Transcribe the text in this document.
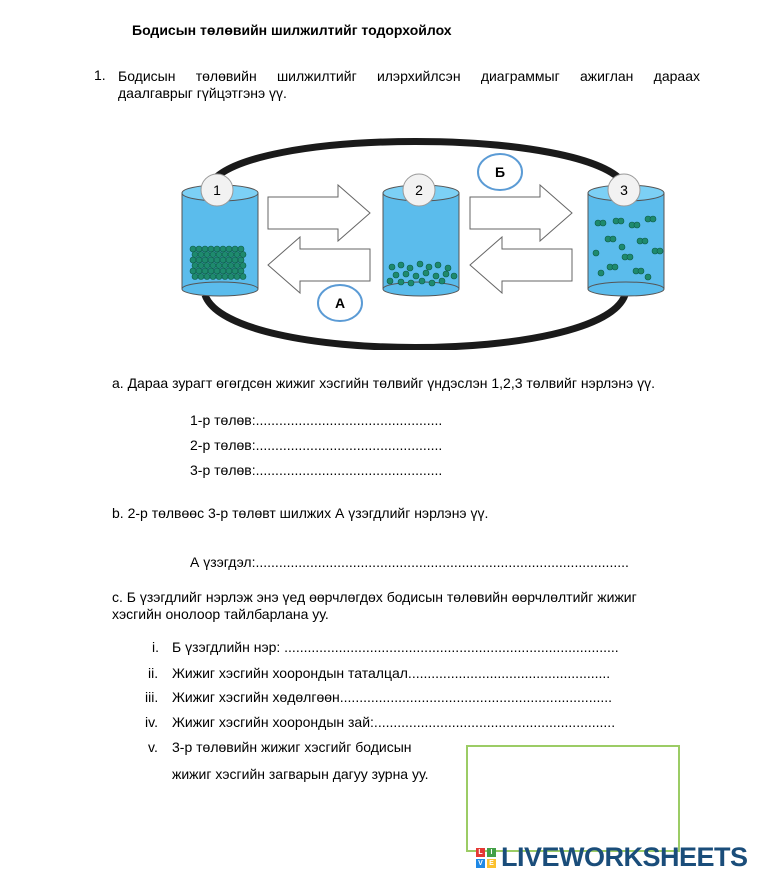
Бодисын төлөвийн шилжилтийг тодорхойлох
1. Бодисын төлөвийн шилжилтийг илэрхийлсэн диаграммыг ажиглан дараах
даалгаврыг гүйцэтгэнэ үү.
1	2	3
Б
А
а. Дараа зурагт өгөгдсөн жижиг хэсгийн төлвийг үндэслэн 1,2,3 төлвийг нэрлэнэ үү.
1-р төлөв:................................................
2-р төлөв:................................................
3-р төлөв:................................................
b. 2-р төлвөөс 3-р төлөвт шилжих А үзэгдлийг нэрлэнэ үү.
А үзэгдэл:................................................................................................
с. Б үзэгдлийг нэрлэж энэ үед өөрчлөгдөх бодисын төлөвийн өөрчлөлтийг жижиг
хэсгийн онолоор тайлбарлана уу.
i. Б үзэгдлийн нэр: ......................................................................................
ii. Жижиг хэсгийн хоорондын таталцал....................................................
iii. Жижиг хэсгийн хөдөлгөөн......................................................................
iv. Жижиг хэсгийн хоорондын зай:..............................................................
v. 3-р төлөвийн жижиг хэсгийг бодисын
жижиг хэсгийн загварын дагуу зурна уу.
L	I
V E LIVEWORKSHEETS
